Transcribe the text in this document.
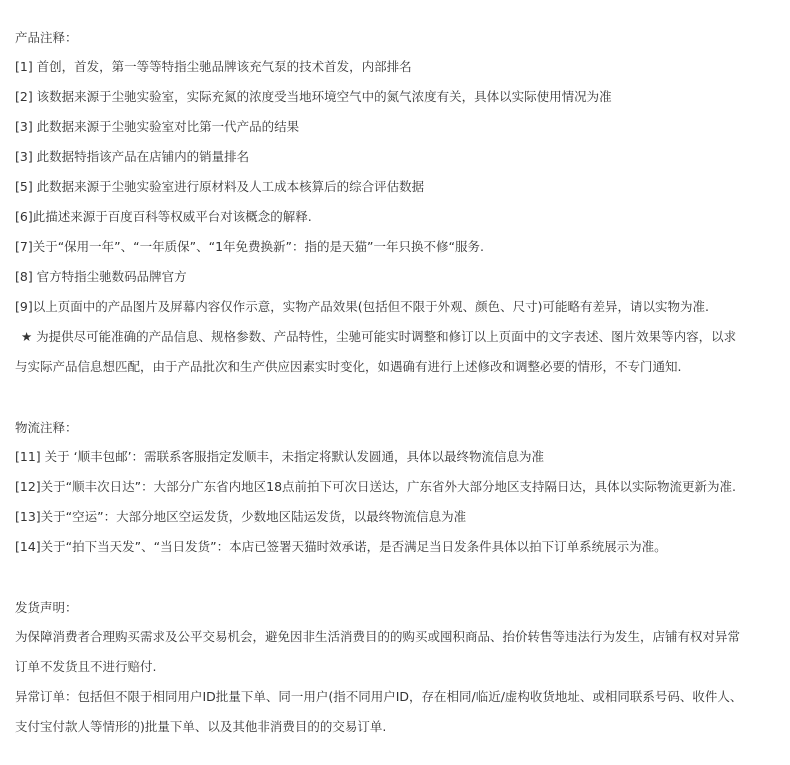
产品注释：
[1] 首创，首发，第一等等特指尘驰品牌该充气泵的技术首发，内部排名
[2] 该数据来源于尘驰实验室，实际充氮的浓度受当地环境空气中的氮气浓度有关，具体以实际使用情况为准
[3] 此数据来源于尘驰实验室对比第一代产品的结果
[3] 此数据特指该产品在店铺内的销量排名
[5] 此数据来源于尘驰实验室进行原材料及人工成本核算后的综合评估数据
[6]此描述来源于百度百科等权威平台对该概念的解释.
[7]关于“保用一年”、“一年质保”、“1年免费换新”：指的是天猫”一年只换不修“服务.
[8] 官方特指尘驰数码品牌官方
[9]以上页面中的产品图片及屏幕内容仅作示意，实物产品效果(包括但不限于外观、颜色、尺寸)可能略有差异，请以实物为准.
★ 为提供尽可能准确的产品信息、规格参数、产品特性，尘驰可能实时调整和修订以上页面中的文字表述、图片效果等内容，以求
与实际产品信息想匹配，由于产品批次和生产供应因素实时变化，如遇确有进行上述修改和调整必要的情形，不专门通知.
物流注释：
[11] 关于 ‘顺丰包邮’：需联系客服指定发顺丰，未指定将默认发圆通，具体以最终物流信息为准
[12]关于“顺丰次日达”：大部分广东省内地区18点前拍下可次日送达，广东省外大部分地区支持隔日达，具体以实际物流更新为准.
[13]关于“空运”：大部分地区空运发货，少数地区陆运发货，以最终物流信息为准
[14]关于“拍下当天发”、“当日发货”：本店已签署天猫时效承诺，是否满足当日发条件具体以拍下订单系统展示为准。
发货声明：
为保障消费者合理购买需求及公平交易机会，避免因非生活消费目的的购买或囤积商品、抬价转售等违法行为发生，店铺有权对异常
订单不发货且不进行赔付.
异常订单：包括但不限于相同用户ID批量下单、同一用户(指不同用户ID，存在相同/临近/虚构收货地址、或相同联系号码、收件人、
支付宝付款人等情形的)批量下单、以及其他非消费目的的交易订单.
